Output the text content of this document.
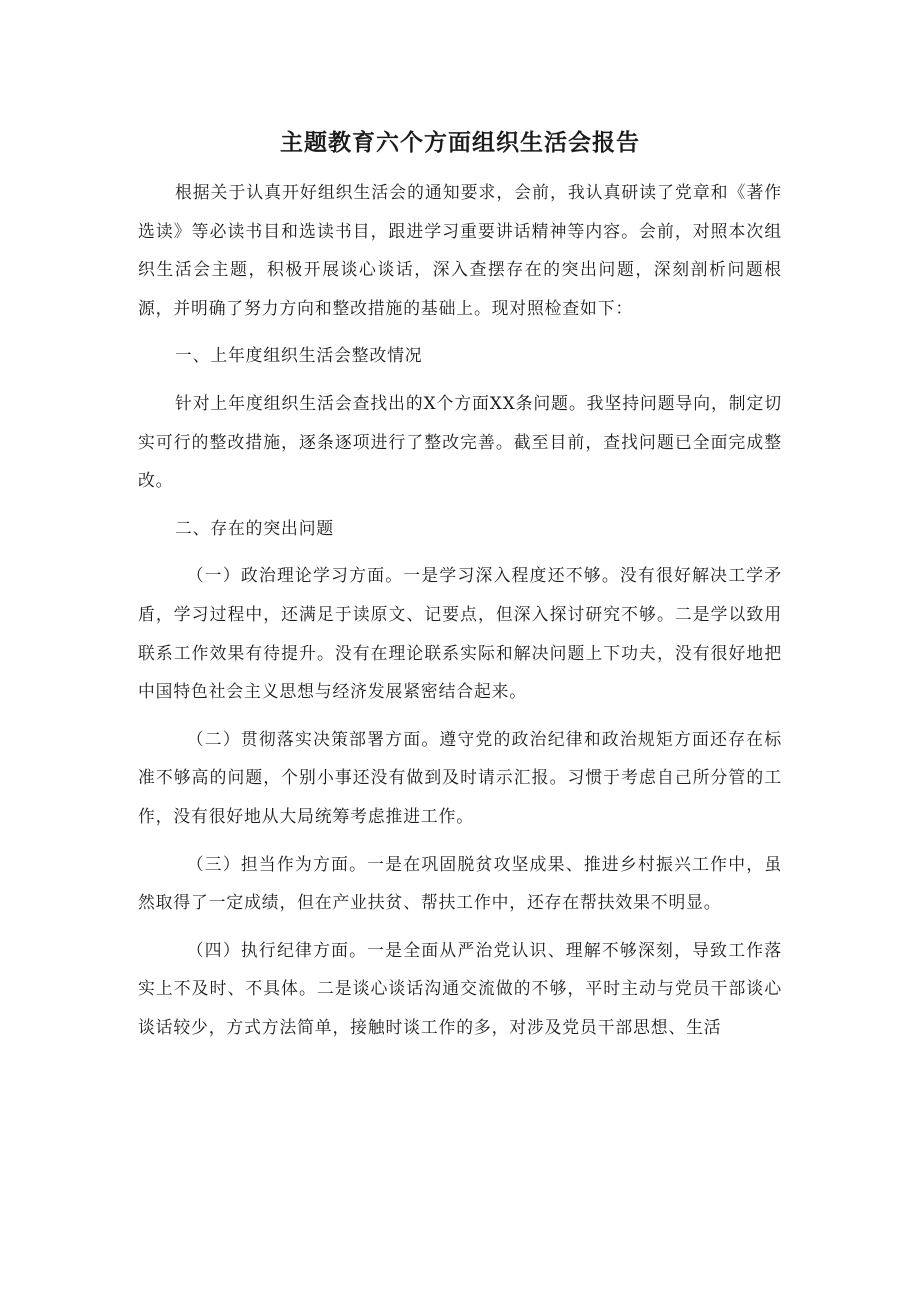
主题教育六个方面组织生活会报告

根据关于认真开好组织生活会的通知要求，会前，我认真研读了党章和《著作选读》等必读书目和选读书目，跟进学习重要讲话精神等内容。会前，对照本次组织生活会主题，积极开展谈心谈话，深入查摆存在的突出问题，深刻剖析问题根源，并明确了努力方向和整改措施的基础上。现对照检查如下：

一、上年度组织生活会整改情况

针对上年度组织生活会查找出的X个方面XX条问题。我坚持问题导向，制定切实可行的整改措施，逐条逐项进行了整改完善。截至目前，查找问题已全面完成整改。

二、存在的突出问题

（一）政治理论学习方面。一是学习深入程度还不够。没有很好解决工学矛盾，学习过程中，还满足于读原文、记要点，但深入探讨研究不够。二是学以致用联系工作效果有待提升。没有在理论联系实际和解决问题上下功夫，没有很好地把中国特色社会主义思想与经济发展紧密结合起来。

（二）贯彻落实决策部署方面。遵守党的政治纪律和政治规矩方面还存在标准不够高的问题，个别小事还没有做到及时请示汇报。习惯于考虑自己所分管的工作，没有很好地从大局统筹考虑推进工作。

（三）担当作为方面。一是在巩固脱贫攻坚成果、推进乡村振兴工作中，虽然取得了一定成绩，但在产业扶贫、帮扶工作中，还存在帮扶效果不明显。

（四）执行纪律方面。一是全面从严治党认识、理解不够深刻，导致工作落实上不及时、不具体。二是谈心谈话沟通交流做的不够，平时主动与党员干部谈心谈话较少，方式方法简单，接触时谈工作的多，对涉及党员干部思想、生活
